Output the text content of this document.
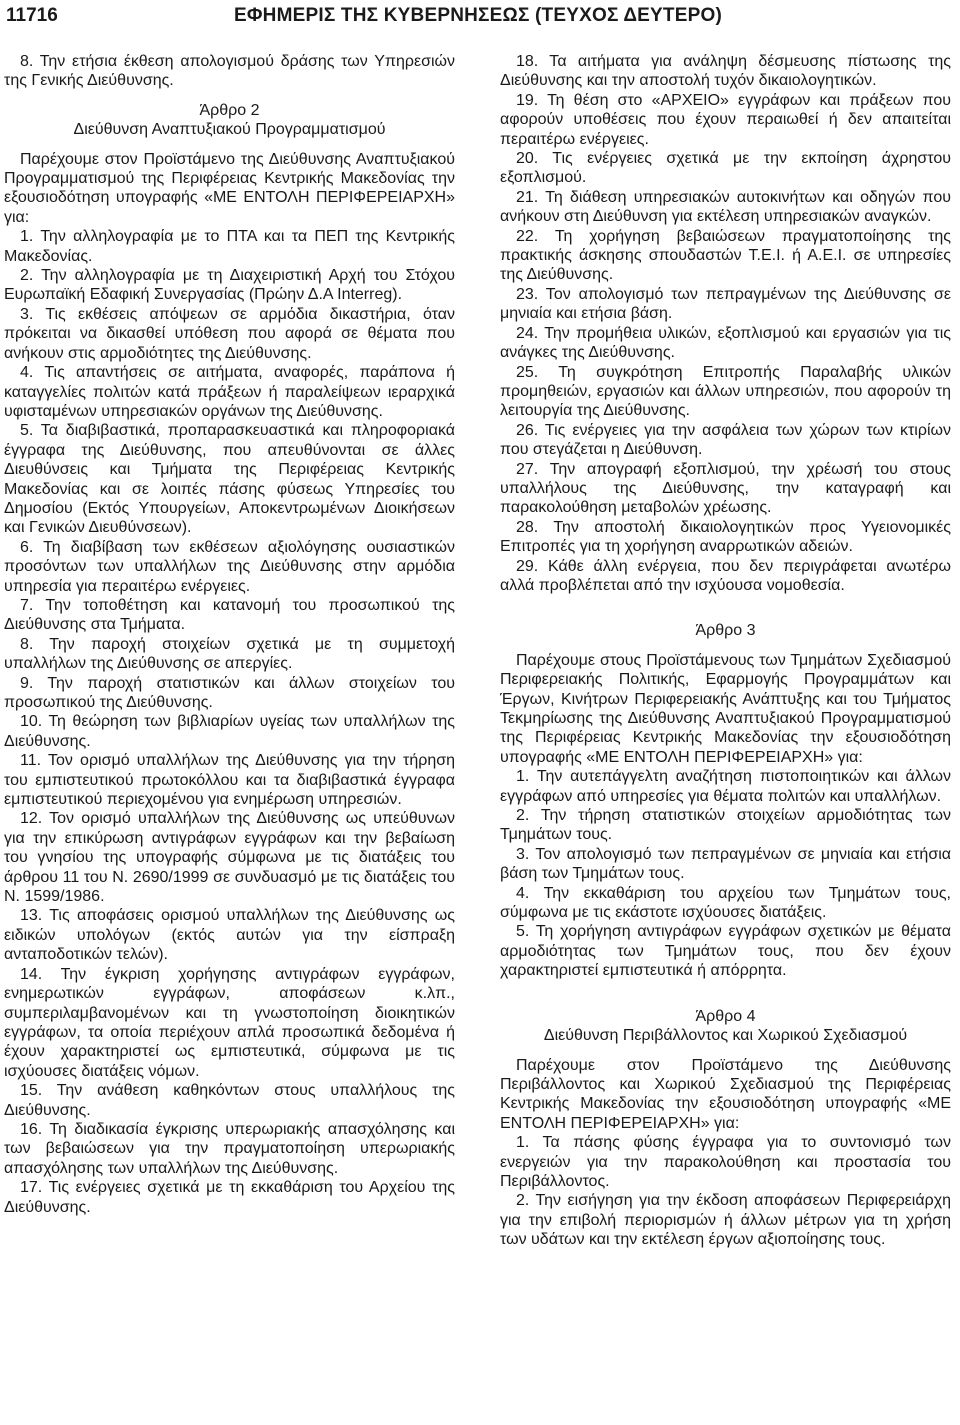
11716	ΕΦΗΜΕΡΙΣ ΤΗΣ ΚΥΒΕΡΝΗΣΕΩΣ (ΤΕΥΧΟΣ ΔΕΥΤΕΡΟ)

8. Την ετήσια έκθεση απολογισμού δράσης των Υπηρεσιών της Γενικής Διεύθυνσης.

Άρθρο 2

Διεύθυνση Αναπτυξιακού Προγραμματισμού

Παρέχουμε στον Προϊστάμενο της Διεύθυνσης Αναπτυξιακού Προγραμματισμού της Περιφέρειας Κεντρικής Μακεδονίας την εξουσιοδότηση υπογραφής «ΜΕ ΕΝΤΟΛΗ ΠΕΡΙΦΕΡΕΙΑΡΧΗ» για:

1. Την αλληλογραφία με το ΠΤΑ και τα ΠΕΠ της Κεντρικής Μακεδονίας.

2. Την αλληλογραφία με τη Διαχειριστική Αρχή του Στόχου Ευρωπαϊκή Εδαφική Συνεργασίας (Πρώην Δ.Α Interreg).

3. Τις εκθέσεις απόψεων σε αρμόδια δικαστήρια, όταν πρόκειται να δικασθεί υπόθεση που αφορά σε θέματα που ανήκουν στις αρμοδιότητες της Διεύθυνσης.

4. Τις απαντήσεις σε αιτήματα, αναφορές, παράπονα ή καταγγελίες πολιτών κατά πράξεων ή παραλείψεων ιεραρχικά υφισταμένων υπηρεσιακών οργάνων της Διεύθυνσης.

5. Τα διαβιβαστικά, προπαρασκευαστικά και πληροφοριακά έγγραφα της Διεύθυνσης, που απευθύνονται σε άλλες Διευθύνσεις και Τμήματα της Περιφέρειας Κεντρικής Μακεδονίας και σε λοιπές πάσης φύσεως Υπηρεσίες του Δημοσίου (Εκτός Υπουργείων, Αποκεντρωμένων Διοικήσεων και Γενικών Διευθύνσεων).

6. Τη διαβίβαση των εκθέσεων αξιολόγησης ουσιαστικών προσόντων των υπαλλήλων της Διεύθυνσης στην αρμόδια υπηρεσία για περαιτέρω ενέργειες.

7. Την τοποθέτηση και κατανομή του προσωπικού της Διεύθυνσης στα Τμήματα.

8. Την παροχή στοιχείων σχετικά με τη συμμετοχή υπαλλήλων της Διεύθυνσης σε απεργίες.

9. Την παροχή στατιστικών και άλλων στοιχείων του προσωπικού της Διεύθυνσης.

10. Τη θεώρηση των βιβλιαρίων υγείας των υπαλλήλων της Διεύθυνσης.

11. Τον ορισμό υπαλλήλων της Διεύθυνσης για την τήρηση του εμπιστευτικού πρωτοκόλλου και τα διαβιβαστικά έγγραφα εμπιστευτικού περιεχομένου για ενημέρωση υπηρεσιών.

12. Τον ορισμό υπαλλήλων της Διεύθυνσης ως υπεύθυνων για την επικύρωση αντιγράφων εγγράφων και την βεβαίωση του γνησίου της υπογραφής σύμφωνα με τις διατάξεις του άρθρου 11 του Ν. 2690/1999 σε συνδυασμό με τις διατάξεις του Ν. 1599/1986.

13. Τις αποφάσεις ορισμού υπαλλήλων της Διεύθυνσης ως ειδικών υπολόγων (εκτός αυτών για την είσπραξη ανταποδοτικών τελών).

14. Την έγκριση χορήγησης αντιγράφων εγγράφων, ενημερωτικών εγγράφων, αποφάσεων κ.λπ., συμπεριλαμβανομένων και τη γνωστοποίηση διοικητικών εγγράφων, τα οποία περιέχουν απλά προσωπικά δεδομένα ή έχουν χαρακτηριστεί ως εμπιστευτικά, σύμφωνα με τις ισχύουσες διατάξεις νόμων.

15. Την ανάθεση καθηκόντων στους υπαλλήλους της Διεύθυνσης.

16. Τη διαδικασία έγκρισης υπερωριακής απασχόλησης και των βεβαιώσεων για την πραγματοποίηση υπερωριακής απασχόλησης των υπαλλήλων της Διεύθυνσης.

17. Τις ενέργειες σχετικά με τη εκκαθάριση του Αρχείου της Διεύθυνσης.

18. Τα αιτήματα για ανάληψη δέσμευσης πίστωσης της Διεύθυνσης και την αποστολή τυχόν δικαιολογητικών.

19. Τη θέση στο «ΑΡΧΕΙΟ» εγγράφων και πράξεων που αφορούν υποθέσεις που έχουν περαιωθεί ή δεν απαιτείται περαιτέρω ενέργειες.

20. Τις ενέργειες σχετικά με την εκποίηση άχρηστου εξοπλισμού.

21. Τη διάθεση υπηρεσιακών αυτοκινήτων και οδηγών που ανήκουν στη Διεύθυνση για εκτέλεση υπηρεσιακών αναγκών.

22. Τη χορήγηση βεβαιώσεων πραγματοποίησης της πρακτικής άσκησης σπουδαστών Τ.Ε.Ι. ή Α.Ε.Ι. σε υπηρεσίες της Διεύθυνσης.

23. Τον απολογισμό των πεπραγμένων της Διεύθυνσης σε μηνιαία και ετήσια βάση.

24. Την προμήθεια υλικών, εξοπλισμού και εργασιών για τις ανάγκες της Διεύθυνσης.

25. Τη συγκρότηση Επιτροπής Παραλαβής υλικών προμηθειών, εργασιών και άλλων υπηρεσιών, που αφορούν τη λειτουργία της Διεύθυνσης.

26. Τις ενέργειες για την ασφάλεια των χώρων των κτιρίων που στεγάζεται η Διεύθυνση.

27. Την απογραφή εξοπλισμού, την χρέωσή του στους υπαλλήλους της Διεύθυνσης, την καταγραφή και παρακολούθηση μεταβολών χρέωσης.

28. Την αποστολή δικαιολογητικών προς Υγειονομικές Επιτροπές για τη χορήγηση αναρρωτικών αδειών.

29. Κάθε άλλη ενέργεια, που δεν περιγράφεται ανωτέρω αλλά προβλέπεται από την ισχύουσα νομοθεσία.

Άρθρο 3

Παρέχουμε στους Προϊστάμενους των Τμημάτων Σχεδιασμού Περιφερειακής Πολιτικής, Εφαρμογής Προγραμμάτων και Έργων, Κινήτρων Περιφερειακής Ανάπτυξης και του Τμήματος Τεκμηρίωσης της Διεύθυνσης Αναπτυξιακού Προγραμματισμού της Περιφέρειας Κεντρικής Μακεδονίας την εξουσιοδότηση υπογραφής «ΜΕ ΕΝΤΟΛΗ ΠΕΡΙΦΕΡΕΙΑΡΧΗ» για:

1. Την αυτεπάγγελτη αναζήτηση πιστοποιητικών και άλλων εγγράφων από υπηρεσίες για θέματα πολιτών και υπαλλήλων.

2. Την τήρηση στατιστικών στοιχείων αρμοδιότητας των Τμημάτων τους.

3. Τον απολογισμό των πεπραγμένων σε μηνιαία και ετήσια βάση των Τμημάτων τους.

4. Την εκκαθάριση του αρχείου των Τμημάτων τους, σύμφωνα με τις εκάστοτε ισχύουσες διατάξεις.

5. Τη χορήγηση αντιγράφων εγγράφων σχετικών με θέματα αρμοδιότητας των Τμημάτων τους, που δεν έχουν χαρακτηριστεί εμπιστευτικά ή απόρρητα.

Άρθρο 4

Διεύθυνση Περιβάλλοντος και Χωρικού Σχεδιασμού

Παρέχουμε στον Προϊστάμενο της Διεύθυνσης Περιβάλλοντος και Χωρικού Σχεδιασμού της Περιφέρειας Κεντρικής Μακεδονίας την εξουσιοδότηση υπογραφής «ΜΕ ΕΝΤΟΛΗ ΠΕΡΙΦΕΡΕΙΑΡΧΗ» για:

1. Τα πάσης φύσης έγγραφα για το συντονισμό των ενεργειών για την παρακολούθηση και προστασία του Περιβάλλοντος.

2. Την εισήγηση για την έκδοση αποφάσεων Περιφερειάρχη για την επιβολή περιορισμών ή άλλων μέτρων για τη χρήση των υδάτων και την εκτέλεση έργων αξιοποίησης τους.
